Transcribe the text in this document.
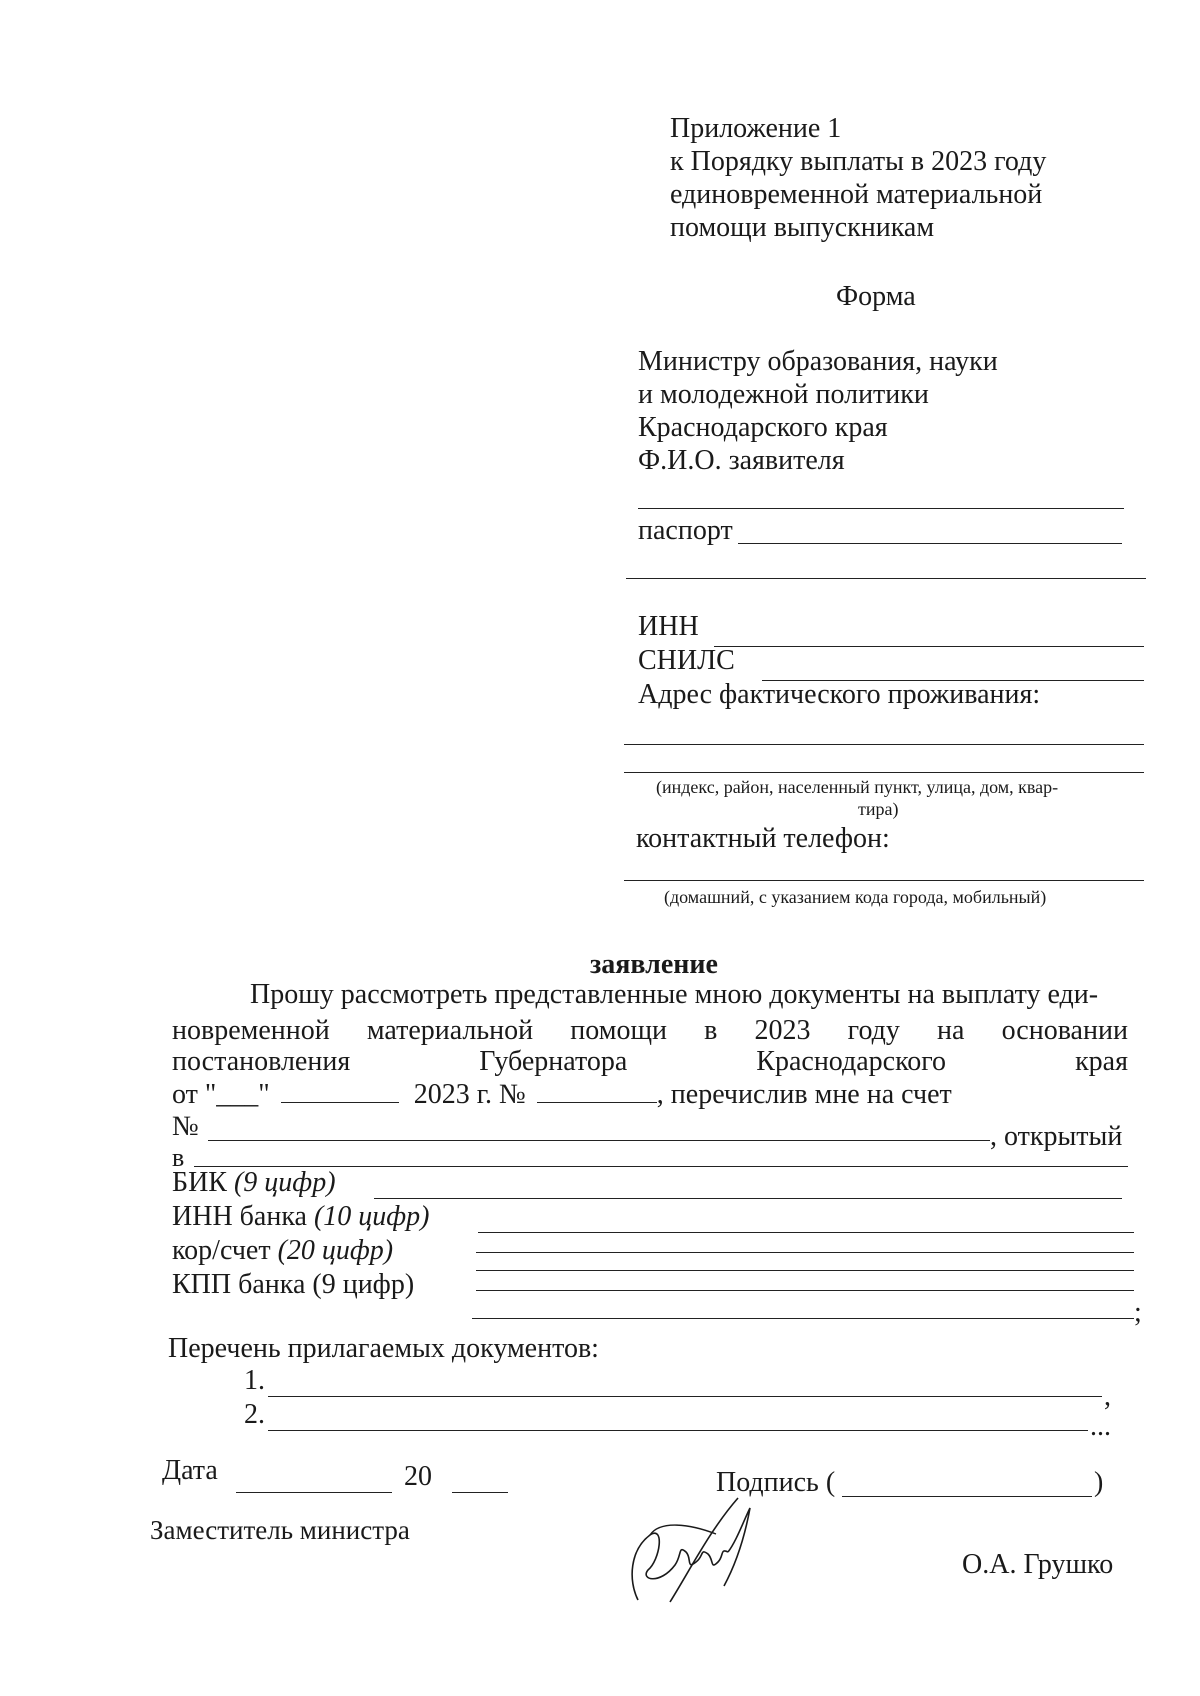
Приложение 1
к Порядку выплаты в 2023 году
единовременной материальной
помощи выпускникам
Форма
Министру образования, науки
и молодежной политики
Краснодарского края
Ф.И.О. заявителя
паспорт
ИНН
СНИЛС
Адрес фактического проживания:
(индекс, район, населенный пункт, улица, дом, квар-
тира)
контактный телефон:
(домашний, с указанием кода города, мобильный)
заявление
Прошу рассмотреть представленные мною документы на выплату еди-
новременной материальной помощи в 2023 году на основании
постановления	Губернатора	Краснодарского	края
от "___"	2023 г. №	, перечислив мне на счет
№	, открытый
в
БИК (9 цифр)
ИНН банка (10 цифр)
кор/счет (20 цифр)
КПП банка (9 цифр)
;
Перечень прилагаемых документов:
1.
,
2.	...
Дата	20	Подпись (	)
Заместитель министра
О.А. Грушко
